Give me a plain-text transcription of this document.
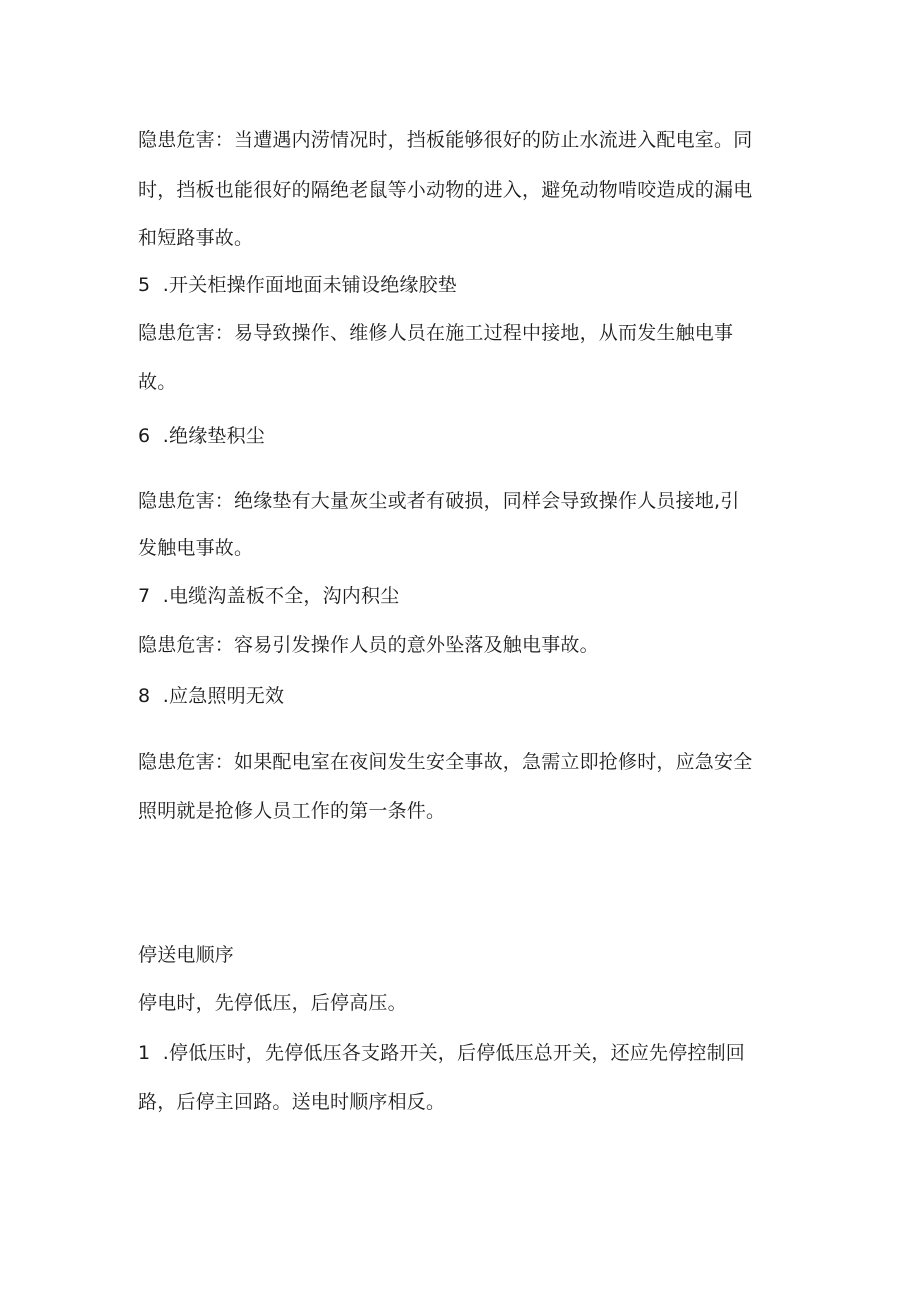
隐患危害：当遭遇内涝情况时，挡板能够很好的防止水流进入配电室。同
时，挡板也能很好的隔绝老鼠等小动物的进入，避免动物啃咬造成的漏电
和短路事故。
5  .开关柜操作面地面未铺设绝缘胶垫
隐患危害：易导致操作、维修人员在施工过程中接地，从而发生触电事
故。
6  .绝缘垫积尘
隐患危害：绝缘垫有大量灰尘或者有破损，同样会导致操作人员接地,引
发触电事故。
7  .电缆沟盖板不全，沟内积尘
隐患危害：容易引发操作人员的意外坠落及触电事故。
8  .应急照明无效
隐患危害：如果配电室在夜间发生安全事故，急需立即抢修时，应急安全
照明就是抢修人员工作的第一条件。
停送电顺序
停电时，先停低压，后停高压。
1  .停低压时，先停低压各支路开关，后停低压总开关，还应先停控制回
路，后停主回路。送电时顺序相反。
